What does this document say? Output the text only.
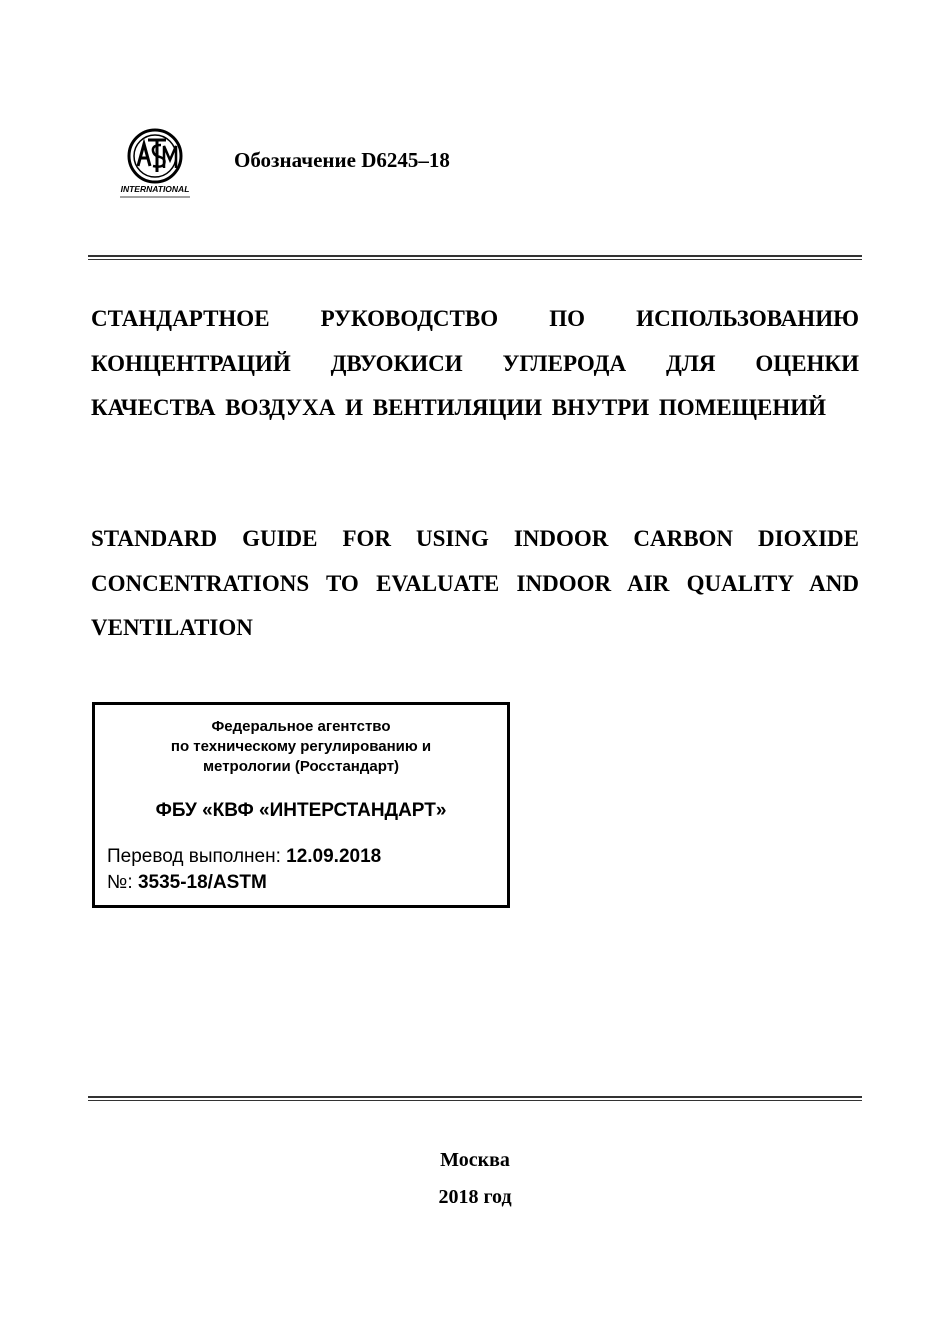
INTERNATIONAL
Обозначение D6245–18
СТАНДАРТНОЕ РУКОВОДСТВО ПО ИСПОЛЬЗОВАНИЮ КОНЦЕНТРАЦИЙ ДВУОКИСИ УГЛЕРОДА ДЛЯ ОЦЕНКИ КАЧЕСТВА ВОЗДУХА И ВЕНТИЛЯЦИИ ВНУТРИ ПОМЕЩЕНИЙ
STANDARD GUIDE FOR USING INDOOR CARBON DIOXIDE CONCENTRATIONS TO EVALUATE INDOOR AIR QUALITY AND VENTILATION
Федеральное агентство
по техническому регулированию и
метрологии (Росстандарт)
ФБУ «КВФ «ИНТЕРСТАНДАРТ»
Перевод выполнен: 12.09.2018
№: 3535-18/ASTM
Москва
2018 год
